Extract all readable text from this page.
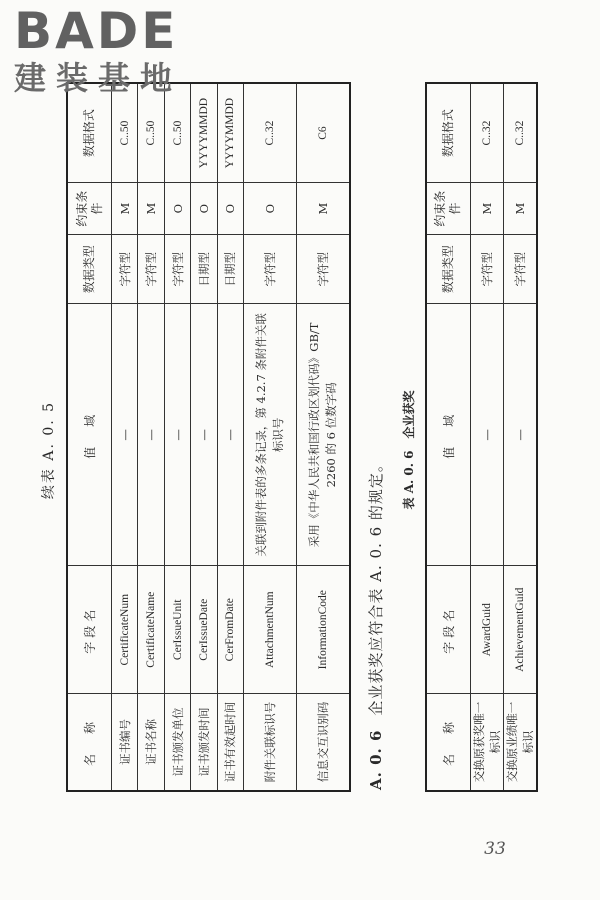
BADE
建装基地
续表 A. 0. 5
名　称	字段名	值　域	数据类型	约束条件	数据格式
证书编号	CertificateNum	—	字符型	M	C..50
证书名称	CertificateName	—	字符型	M	C..50
证书颁发单位	CerIssueUnit	—	字符型	O	C..50
证书颁发时间	CerIssueDate	—	日期型	O	YYYYMMDD
证书有效起时间	CerFromDate	—	日期型	O	YYYYMMDD
附件关联标识号	AttachmentNum	关联到附件表的多条记录，第 4.2.7 条附件关联标识号	字符型	O	C..32
信息交互识别码	InformationCode	采用《中华人民共和国行政区划代码》GB/T 2260 的 6 位数字码	字符型	M	C6
A. 0. 6企业获奖应符合表 A. 0. 6 的规定。
表 A. 0. 6　企业获奖
名　称	字段名	值　域	数据类型	约束条件	数据格式
交换原获奖唯一标识	AwardGuid	—	字符型	M	C..32
交换原业绩唯一标识	AchievementGuid	—	字符型	M	C..32
33
